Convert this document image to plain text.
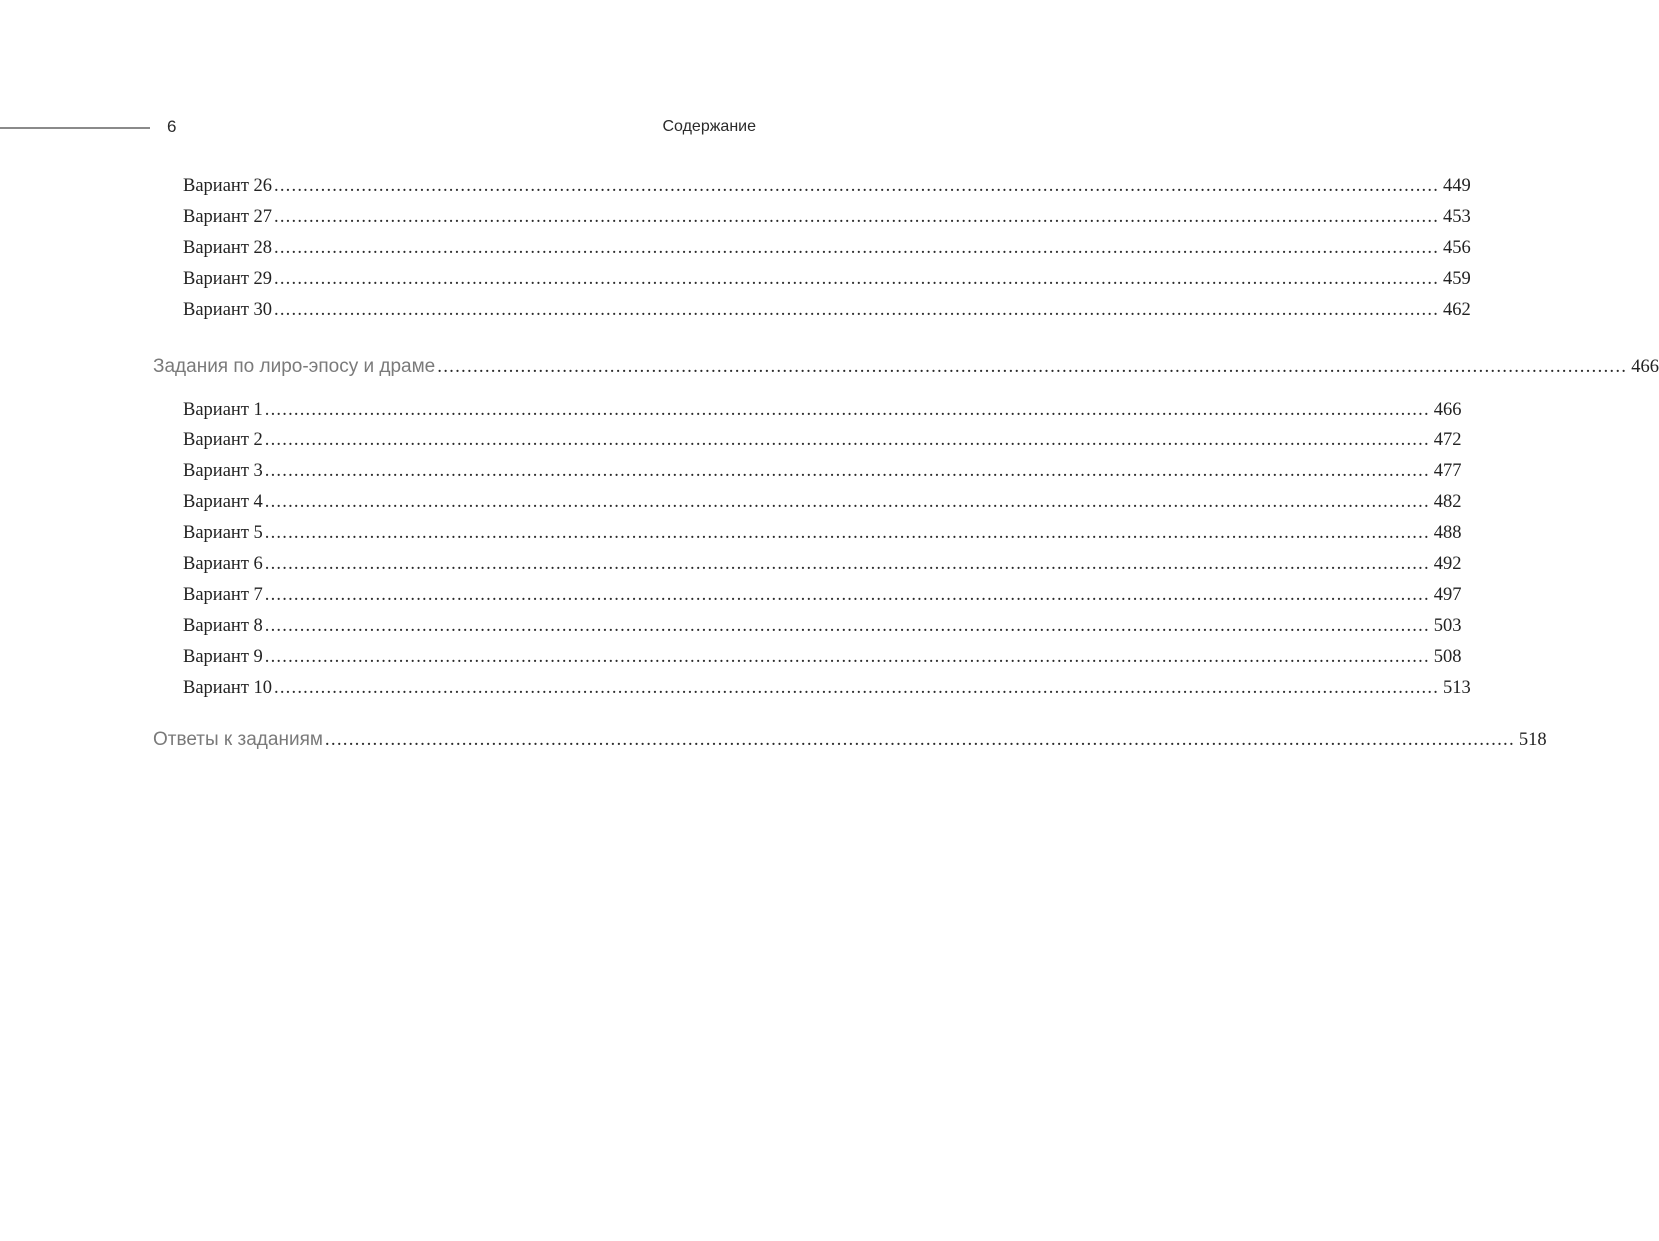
6	Содержание
Вариант 26 ........................................................................................................................................................................................................ 449
Вариант 27 ........................................................................................................................................................................................................ 453
Вариант 28 ........................................................................................................................................................................................................ 456
Вариант 29 ........................................................................................................................................................................................................ 459
Вариант 30 ........................................................................................................................................................................................................ 462
Задания по лиро-эпосу и драме ........................................................................................................................................................................................................ 466
Вариант 1 ........................................................................................................................................................................................................ 466
Вариант 2 ........................................................................................................................................................................................................ 472
Вариант 3 ........................................................................................................................................................................................................ 477
Вариант 4 ........................................................................................................................................................................................................ 482
Вариант 5 ........................................................................................................................................................................................................ 488
Вариант 6 ........................................................................................................................................................................................................ 492
Вариант 7 ........................................................................................................................................................................................................ 497
Вариант 8 ........................................................................................................................................................................................................ 503
Вариант 9 ........................................................................................................................................................................................................ 508
Вариант 10 ........................................................................................................................................................................................................ 513
Ответы к заданиям ........................................................................................................................................................................................................ 518
